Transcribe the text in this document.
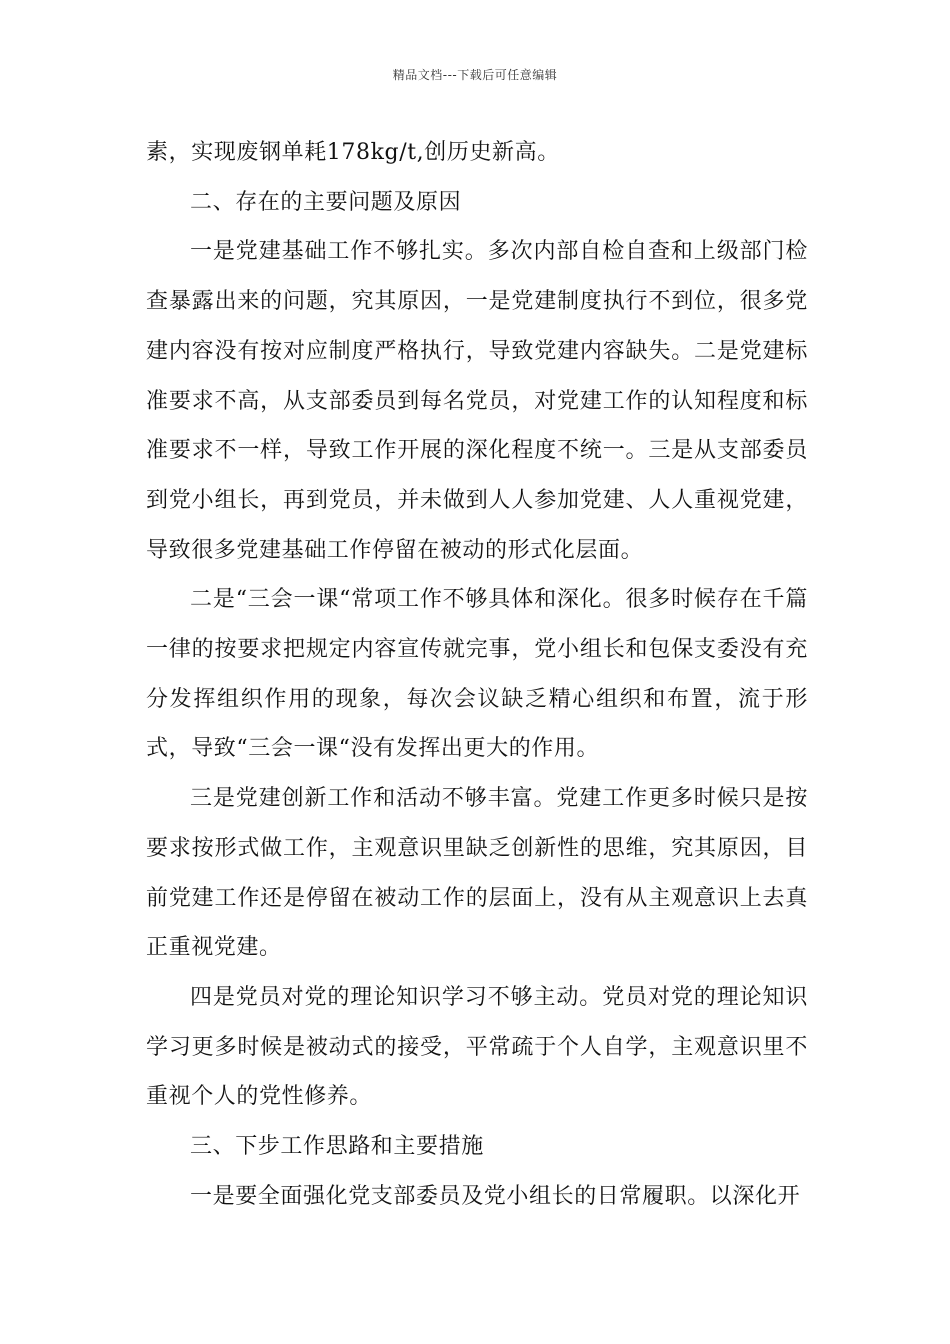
精品文档---下载后可任意编辑

素，实现废钢单耗178kg/t,创历史新高。

二、存在的主要问题及原因

一是党建基础工作不够扎实。多次内部自检自查和上级部门检查暴露出来的问题，究其原因，一是党建制度执行不到位，很多党建内容没有按对应制度严格执行，导致党建内容缺失。二是党建标准要求不高，从支部委员到每名党员，对党建工作的认知程度和标准要求不一样，导致工作开展的深化程度不统一。三是从支部委员到党小组长，再到党员，并未做到人人参加党建、人人重视党建，导致很多党建基础工作停留在被动的形式化层面。

二是“三会一课“常项工作不够具体和深化。很多时候存在千篇一律的按要求把规定内容宣传就完事，党小组长和包保支委没有充分发挥组织作用的现象，每次会议缺乏精心组织和布置，流于形式，导致“三会一课“没有发挥出更大的作用。

三是党建创新工作和活动不够丰富。党建工作更多时候只是按要求按形式做工作，主观意识里缺乏创新性的思维，究其原因，目前党建工作还是停留在被动工作的层面上，没有从主观意识上去真正重视党建。

四是党员对党的理论知识学习不够主动。党员对党的理论知识学习更多时候是被动式的接受，平常疏于个人自学，主观意识里不重视个人的党性修养。

三、下步工作思路和主要措施

一是要全面强化党支部委员及党小组长的日常履职。以深化开
